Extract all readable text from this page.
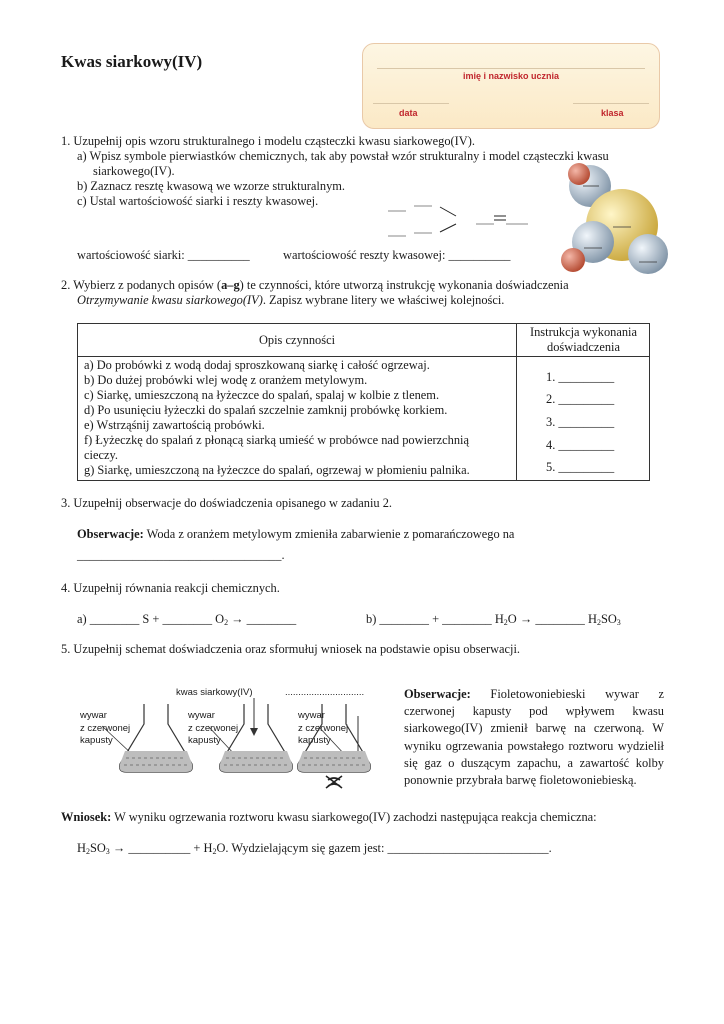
Kwas siarkowy(IV)
imię i nazwisko ucznia
data	klasa
1. Uzupełnij opis wzoru strukturalnego i modelu cząsteczki kwasu siarkowego(IV).
a) Wpisz symbole pierwiastków chemicznych, tak aby powstał wzór strukturalny i model cząsteczki kwasu
siarkowego(IV).
b) Zaznacz resztę kwasową we wzorze strukturalnym.
c) Ustal wartościowość siarki i reszty kwasowej.
wartościowość siarki: __________	wartościowość reszty kwasowej: __________
2. Wybierz z podanych opisów (a–g) te czynności, które utworzą instrukcję wykonania doświadczenia
Otrzymywanie kwasu siarkowego(IV). Zapisz wybrane litery we właściwej kolejności.
Opis czynności
Instrukcja wykonania
doświadczenia
a) Do probówki z wodą dodaj sproszkowaną siarkę i całość ogrzewaj.
b) Do dużej probówki wlej wodę z oranżem metylowym.
c) Siarkę, umieszczoną na łyżeczce do spalań, spalaj w kolbie z tlenem.
d) Po usunięciu łyżeczki do spalań szczelnie zamknij probówkę korkiem.
e) Wstrząśnij zawartością probówki.
f) Łyżeczkę do spalań z płonącą siarką umieść w probówce nad powierzchnią
cieczy.
g) Siarkę, umieszczoną na łyżeczce do spalań, ogrzewaj w płomieniu palnika.
1. _________
2. _________
3. _________
4. _________
5. _________
3. Uzupełnij obserwacje do doświadczenia opisanego w zadaniu 2.
Obserwacje: Woda z oranżem metylowym zmieniła zabarwienie z pomarańczowego na
_________________________________.
4. Uzupełnij równania reakcji chemicznych.
a) ________ S + ________ $O_2$ → ________	b) ________ + ________ $H_2O$ → ________ $H_2SO_3$
5. Uzupełnij schemat doświadczenia oraz sformułuj wniosek na podstawie opisu obserwacji.
kwas siarkowy(IV)	..............................
wywar
z czerwonej
kapusty
wywar
z czerwonej
kapusty
wywar
z czerwonej
kapusty
Obserwacje: Fioletowoniebieski wywar z czerwonej kapusty pod wpływem kwasu siarkowego(IV) zmienił barwę na czerwoną. W wyniku ogrzewania powstałego roztworu wydzielił się gaz o duszącym zapachu, a zawartość kolby ponownie przybrała barwę fioletowoniebieską.
Wniosek: W wyniku ogrzewania roztworu kwasu siarkowego(IV) zachodzi następująca reakcja chemiczna:
$H_2SO_3$ → __________ + $H_2O$. Wydzielającym się gazem jest: __________________________.
